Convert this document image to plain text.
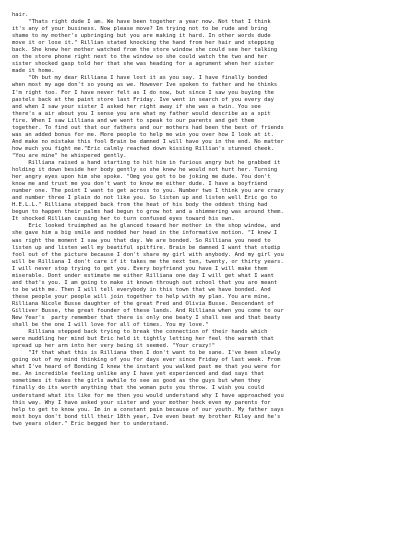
hair.
"Thats right dude I am. We have been together a year now. Not that I think
it's any of your business. Now please move? Im trying not to be rude and bring
shame to my mother's upbringing but you are making it hard. In other words dude
move it or lose it." Rillian stated knocking the hand from her hair and stepping
back. She knew her mother watched from the store window she could see her talking
on the store phone right next to the window so she could watch the two and her
sister shocked gasp told her that she was heading for a agrument when her sister
made it home.
"Oh but my dear Rilliana I have lost it as you say. I have finally bonded
when most my age don't so young as we. However Ive spoken to father and he thinks
I'm right too. For I have never felt as I do now, but since I saw you buying the
pastels back at the paint store last Friday. Ive went in search of you every day
and when I saw your sister I asked her right away if she was a twin. You see
there's a air about you I sense you are what my father would describe as a spit
fire. When I saw Lilliana and we went to speak to our parents and get them
together. To find out that our fathers and our mothers had been the best of friends
was an added bonus for me. More people to help me win you over how I look at it.
And make no mistake this fool Brain be damned I will have you in the end. No matter
how much you fight me."Eric calmly reached down kissing Rillian's stunned cheek.
"You are mine" he whispered gently.
Rilliana raised a hand starting to hit him in furious angry but he grabbed it
holding it down beside her body gently so she knew he would not hurt her. Turning
her angry eyes upon him she spoke. "Omg you got to be joking me dude. You don't
know me and trust me you don't want to know me either dude. I have a boyfriend
number one. The point I want to get across to you. Number two I think you are crazy
and number three I plain do not like you. So listen up and listen well Eric go to
H.E.L.L." Rilliana stepped back from the heat of his body the oddest thing had
begun to happen their palms had begun to grow hot and a shimmering was around them.
It shocked Rillian causing her to turn confused eyes toward his own.
Eric looked truimphed as he glanced toward her mother in the shop window, and
she gave him a big smile and nodded her head in the informative motion. "I knew I
was right the moment I saw you that day. We are bonded. So Rilliana you need to
listen up and listen well my beatiful spitfire. Brain be damned I want that studip
fool out of the picture because I don't share my girl with anybody. And my girl you
will be Rilliana I don't care if it takes me the next ten, twenty, or thirty years.
I will never stop trying to get you. Every boyfriend you have I will make them
miserable. Dont under estimate me either Rilliana one day I will get what I want
and that's you. I am going to make it known through out school that you are meant
to be with me. Then I will tell everybody in this town that we have bonded. And
these people your people will join together to help with my plan. You are mine,
Rilliana Nicole Busse daughter of the great Fred and Olivia Busse. Descendant of
Gilliver Busse, the great founder of these lands. And Rilliana when you come to our
New Year's  party remember that there is only one beaty I shall see and that beaty
shall be the one I will love for all of times. You my love."
Rilliana stepped back trying to break the connection of their hands which
were muddling her mind but Eric held it tightly letting her feel the warmth that
spread up her arm into her very being it seemed. "Your crazy!"
"If that what this is Rilliana then I don't want to be sane. I've been slowly
going out of my mind thinking of you for days ever since Friday of last week. From
what I've heard of Bonding I knew the instant you walked past me that you were for
me. An incredible feeling unlike any I have yet experienced and dad says that
sometimes it takes the girls awhile to see as good as the guys but when they
finally do its worth anything that the woman puts you throw. I wish you could
understand what its like for me then you would understand why I have approached you
this way. Why I have asked your sister and your mother heck even my parents for
help to get to know you. Im in a constant pain because of our youth. My father says
most boys don't bond till their 18th year, Ive even beat my brother Riley and he's
two years older." Eric begged her to understand.
